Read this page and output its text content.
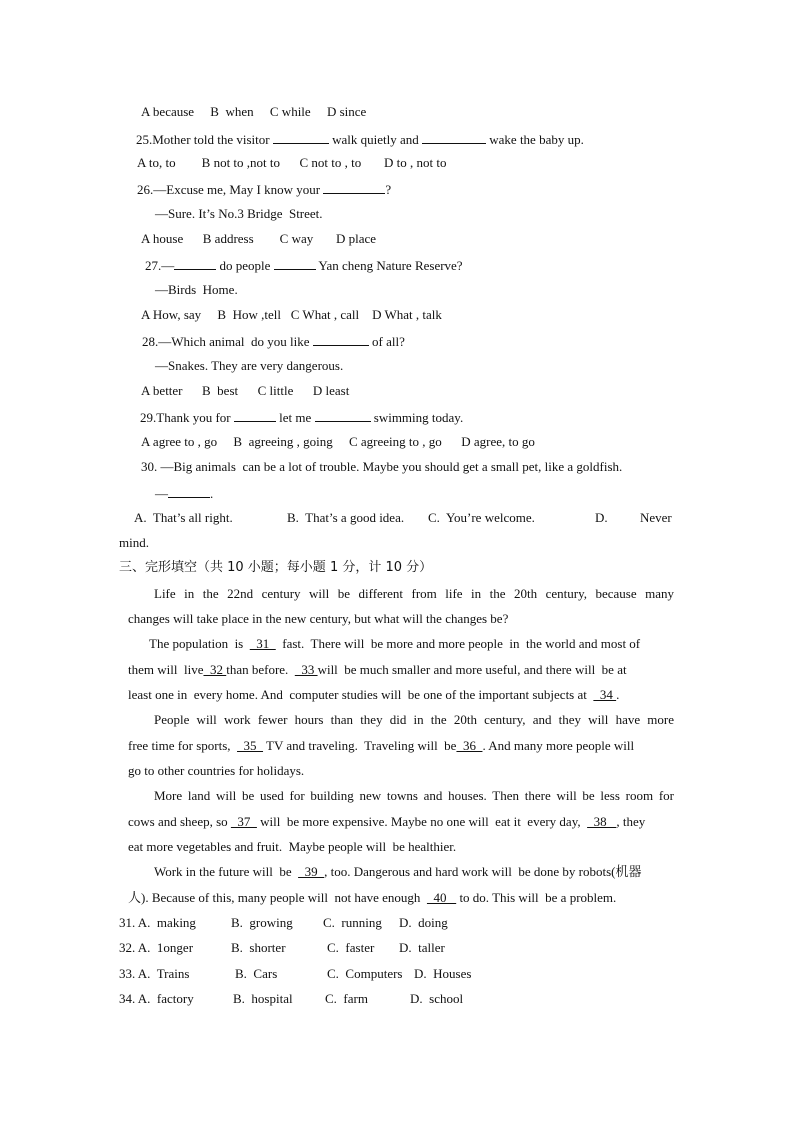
A because     B  when     C while     D since
25.Mother told the visitor	walk quietly and	wake the baby up.
A to, to        B not to ,not to      C not to , to       D to , not to
26.—Excuse me, May I know your	?
—Sure. It’s No.3 Bridge  Street.
A house      B address        C way       D place
27.—	do people	Yan cheng Nature Reserve?
—Birds  Home.
A How, say     B  How ,tell   C What , call    D What , talk
28.—Which animal  do you like	of all?
—Snakes. They are very dangerous.
A better      B  best      C little      D least
29.Thank you for	let me	swimming today.
A agree to , go     B  agreeing , going     C agreeing to , go      D agree, to go
30. —Big animals  can be a lot of trouble. Maybe you should get a small pet, like a goldfish.
—	.
A.  That’s all right.	B.  That’s a good idea. C.  You’re welcome.	D. Never
mind.
三、完形填空（共 10 小题；每小题 1 分，计 10 分）
Life in the 22nd century will be different from life in the 20th century, because many
changes will take place in the new century, but what will the changes be?
The population  is    31    fast.  There will  be more and more people  in  the world and most of
them will  live  32 than before.    33 will  be much smaller and more useful, and there will  be at
least one in  every home. And  computer studies will  be one of the important subjects at    34 .
People will work fewer hours than they did in the 20th century, and they will have more
free time for sports,    35   TV and traveling.  Traveling will  be  36  . And many more people will
go to other countries for holidays.
More land will be used for building new towns and houses. Then there will be less room for
cows and sheep, so   37   will  be more expensive. Maybe no one will  eat it  every day,    38   , they
eat more vegetables and fruit.  Maybe people will  be healthier.
Work in the future will  be    39  , too. Dangerous and hard work will  be done by robots(机器
人). Because of this, many people will  not have enough    40    to do. This will  be a problem.
31. A.  making	B.  growing C.  running D.  doing
32. A.  1onger	B.  shorter	C.  faster D.  taller
33. A.  Trains	B.  Cars	C.  Computers D.  Houses
34. A.  factory	B.  hospital C.  farm	D.  school
